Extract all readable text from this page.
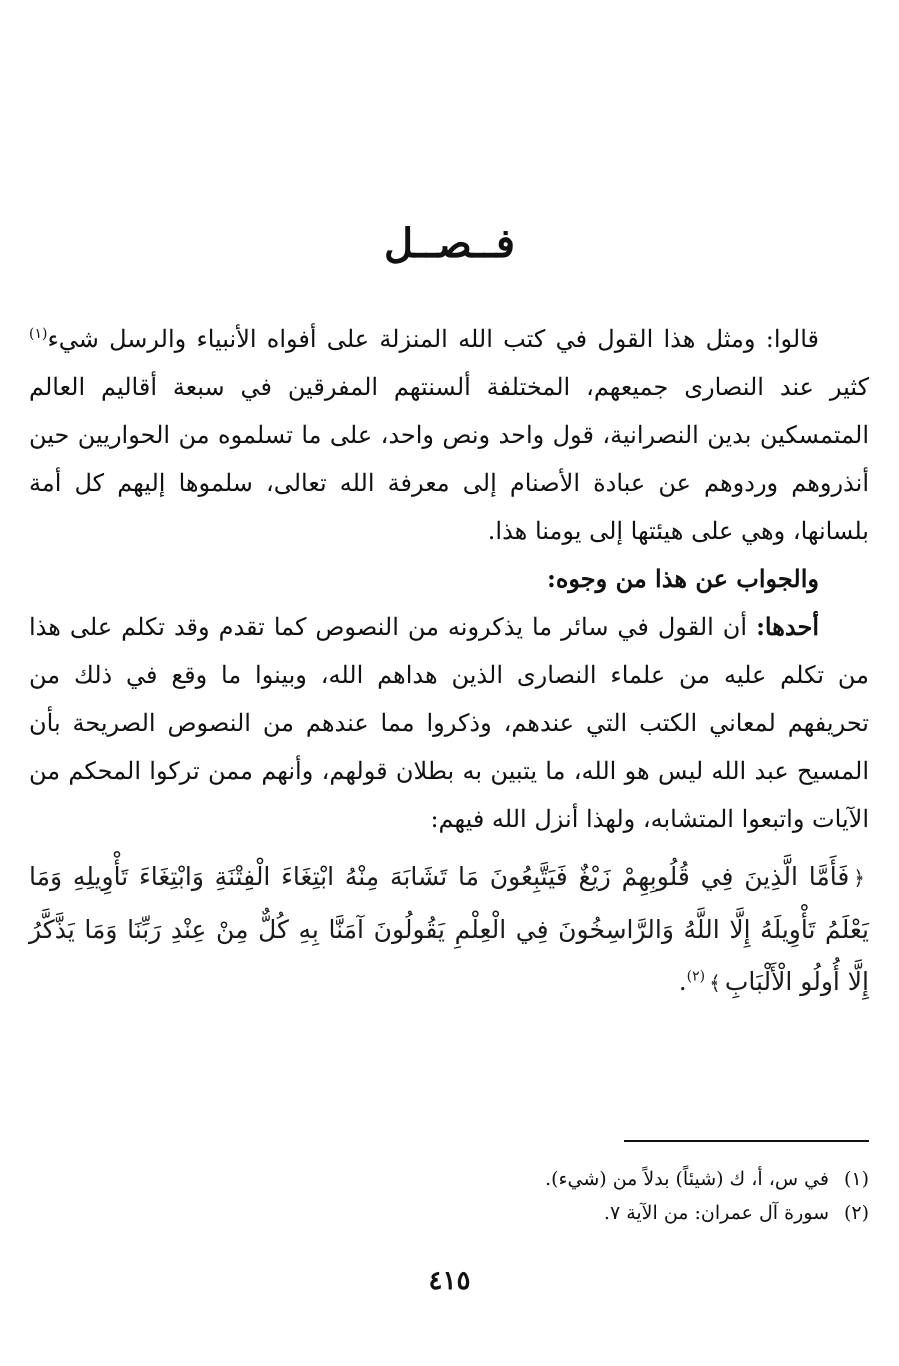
فــصــل

قالوا: ومثل هذا القول في كتب الله المنزلة على أفواه الأنبياء والرسل شيء$^{(١)}$ كثير عند النصارى جميعهم، المختلفة ألسنتهم المفرقين في سبعة أقاليم العالم المتمسكين بدين النصرانية، قول واحد ونص واحد، على ما تسلموه من الحواريين حين أنذروهم وردوهم عن عبادة الأصنام إلى معرفة الله تعالى، سلموها إليهم كل أمة بلسانها، وهي على هيئتها إلى يومنا هذا.

والجواب عن هذا من وجوه:

أحدها: أن القول في سائر ما يذكرونه من النصوص كما تقدم وقد تكلم على هذا من تكلم عليه من علماء النصارى الذين هداهم الله، وبينوا ما وقع في ذلك من تحريفهم لمعاني الكتب التي عندهم، وذكروا مما عندهم من النصوص الصريحة بأن المسيح عبد الله ليس هو الله، ما يتبين به بطلان قولهم، وأنهم ممن تركوا المحكم من الآيات واتبعوا المتشابه، ولهذا أنزل الله فيهم:

﴿فَأَمَّا الَّذِينَ فِي قُلُوبِهِمْ زَيْغٌ فَيَتَّبِعُونَ مَا تَشَابَهَ مِنْهُ ابْتِغَاءَ الْفِتْنَةِ وَابْتِغَاءَ تَأْوِيلِهِ وَمَا يَعْلَمُ تَأْوِيلَهُ إِلَّا اللَّهُ وَالرَّاسِخُونَ فِي الْعِلْمِ يَقُولُونَ آمَنَّا بِهِ كُلٌّ مِنْ عِنْدِ رَبِّنَا وَمَا يَذَّكَّرُ إِلَّا أُولُو الْأَلْبَابِ﴾$^{(٢)}$.

(١)في س، أ، ك (شيئاً) بدلاً من (شيء).

(٢)سورة آل عمران: من الآية ٧.

٤١٥
